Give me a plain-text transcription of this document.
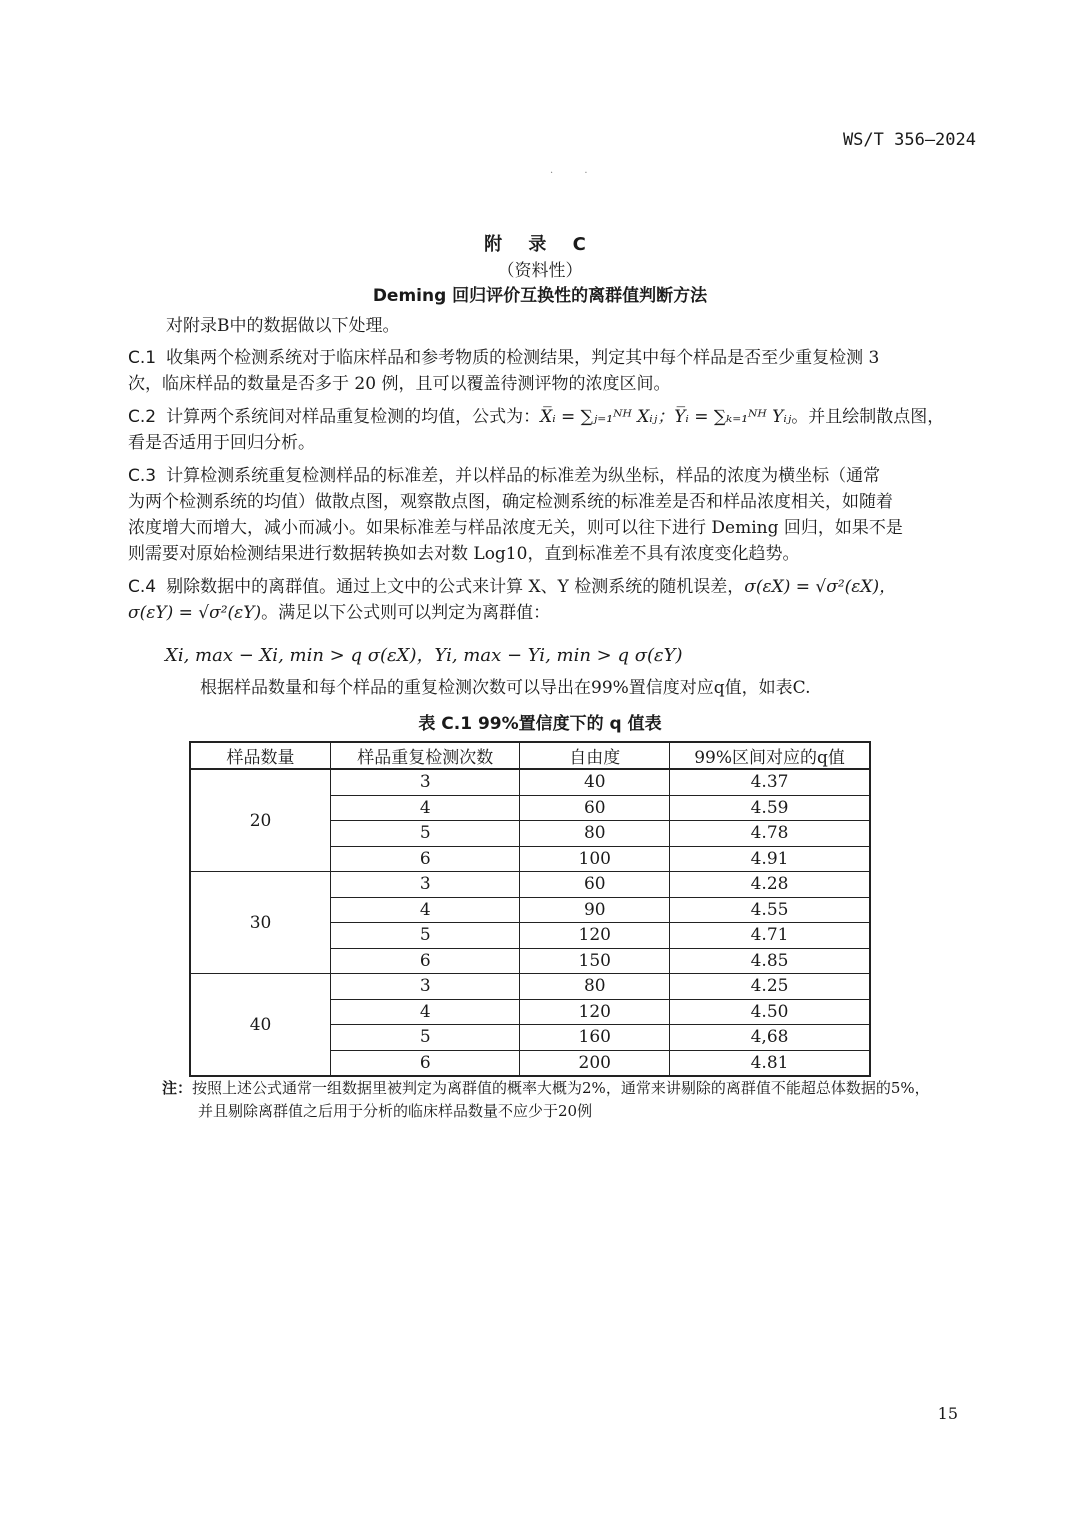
WS/T 356—2024
· ·
附 录 C
（资料性）
Deming 回归评价互换性的离群值判断方法

对附录B中的数据做以下处理。

C.1 收集两个检测系统对于临床样品和参考物质的检测结果，判定其中每个样品是否至少重复检测 3
次，临床样品的数量是否多于 20 例，且可以覆盖待测评物的浓度区间。
C.2 计算两个系统间对样品重复检测的均值，公式为：X̅ᵢ = ∑ⱼ₌₁ᴺᴴ Xᵢⱼ；Y̅ᵢ = ∑ₖ₌₁ᴺᴴ Yᵢⱼ。并且绘制散点图，
看是否适用于回归分析。
C.3 计算检测系统重复检测样品的标准差，并以样品的标准差为纵坐标，样品的浓度为横坐标（通常
为两个检测系统的均值）做散点图，观察散点图，确定检测系统的标准差是否和样品浓度相关，如随着
浓度增大而增大，减小而减小。如果标准差与样品浓度无关，则可以往下进行 Deming 回归，如果不是
则需要对原始检测结果进行数据转换如去对数 Log10，直到标准差不具有浓度变化趋势。
C.4 剔除数据中的离群值。通过上文中的公式来计算 X、Y 检测系统的随机误差，σ(εX) = √σ²(εX)，
σ(εY) = √σ²(εY)。满足以下公式则可以判定为离群值：
Xi, max − Xi, min > q σ(εX)，Yi, max − Yi, min > q σ(εY)
根据样品数量和每个样品的重复检测次数可以导出在99%置信度对应q值，如表C.
表 C.1 99%置信度下的 q 值表
样品数量	样品重复检测次数	自由度	99%区间对应的q值
20	3	40	4.37
	4	60	4.59
	5	80	4.78
	6	100	4.91
30	3	60	4.28
	4	90	4.55
	5	120	4.71
	6	150	4.85
40	3	80	4.25
	4	120	4.50
	5	160	4,68
	6	200	4.81
注：按照上述公式通常一组数据里被判定为离群值的概率大概为2%，通常来讲剔除的离群值不能超总体数据的5%，
并且剔除离群值之后用于分析的临床样品数量不应少于20例
15
